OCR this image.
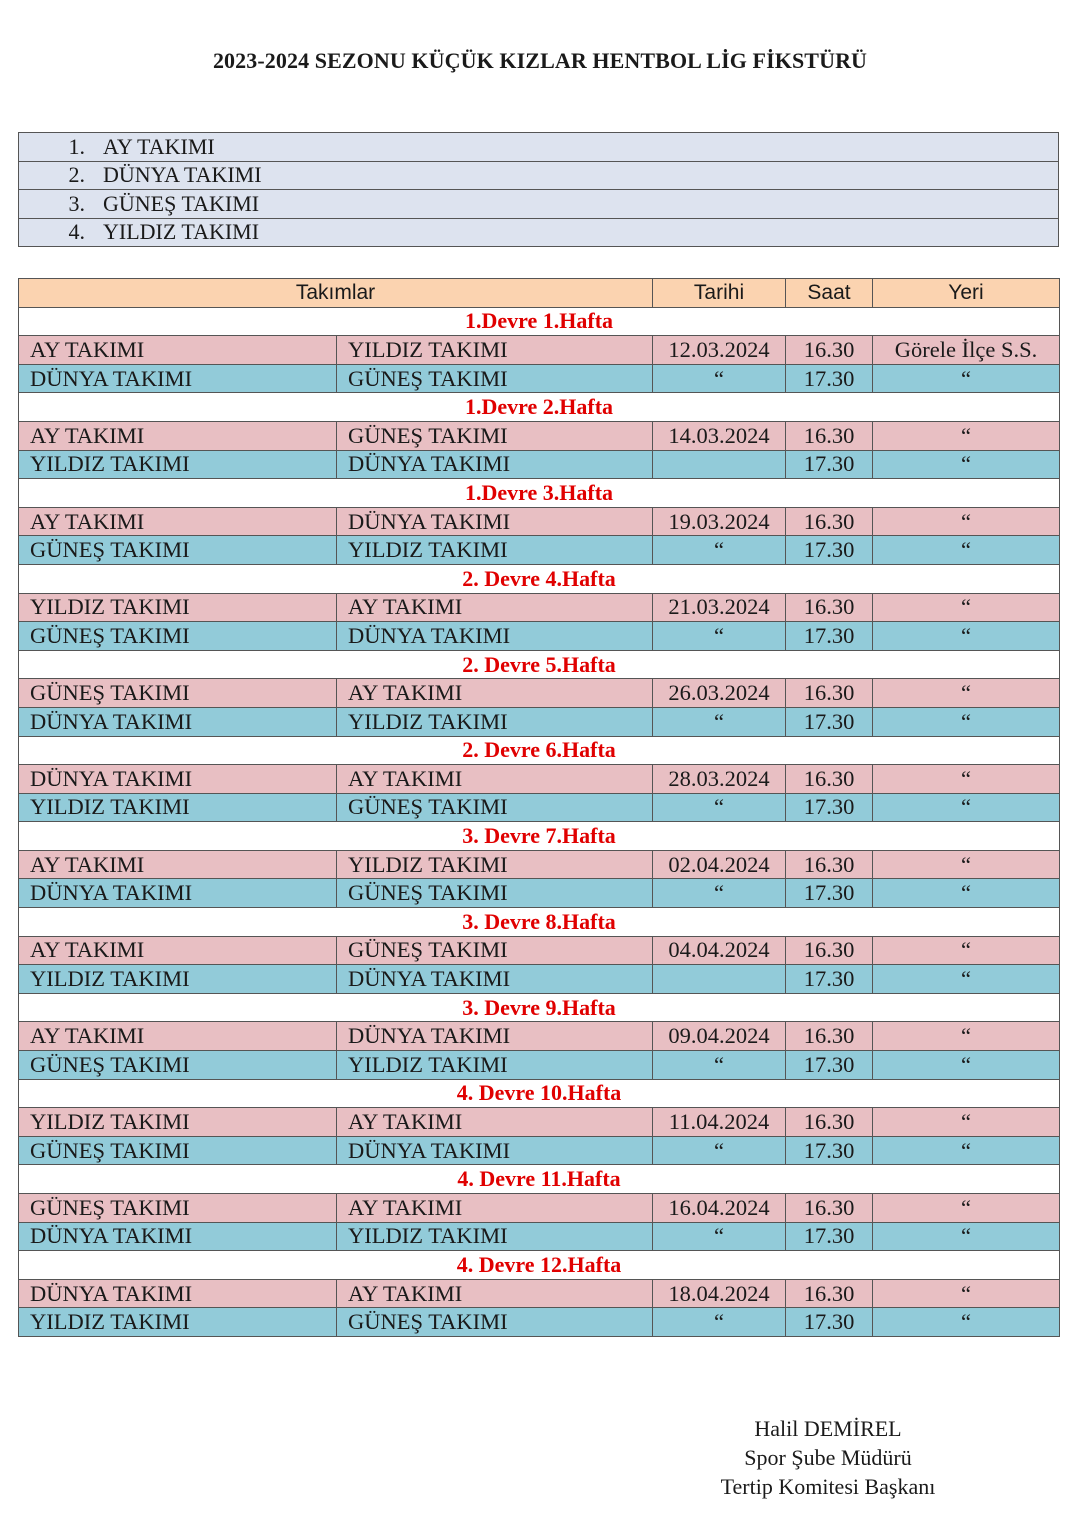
2023-2024 SEZONU KÜÇÜK KIZLAR HENTBOL LİG FİKSTÜRÜ
1. AY TAKIMI
2. DÜNYA TAKIMI
3. GÜNEŞ TAKIMI
4. YILDIZ TAKIMI
Takımlar		Tarihi	Saat	Yeri
1.Devre 1.Hafta				
AY TAKIMI	YILDIZ TAKIMI	12.03.2024	16.30	Görele İlçe S.S.
DÜNYA TAKIMI	GÜNEŞ TAKIMI	“	17.30	“
1.Devre 2.Hafta				
AY TAKIMI	GÜNEŞ TAKIMI	14.03.2024	16.30	“
YILDIZ TAKIMI	DÜNYA TAKIMI		17.30	“
1.Devre 3.Hafta				
AY TAKIMI	DÜNYA TAKIMI	19.03.2024	16.30	“
GÜNEŞ TAKIMI	YILDIZ TAKIMI	“	17.30	“
2. Devre 4.Hafta				
YILDIZ TAKIMI	AY TAKIMI	21.03.2024	16.30	“
GÜNEŞ TAKIMI	DÜNYA TAKIMI	“	17.30	“
2. Devre 5.Hafta				
GÜNEŞ TAKIMI	AY TAKIMI	26.03.2024	16.30	“
DÜNYA TAKIMI	YILDIZ TAKIMI	“	17.30	“
2. Devre 6.Hafta				
DÜNYA TAKIMI	AY TAKIMI	28.03.2024	16.30	“
YILDIZ TAKIMI	GÜNEŞ TAKIMI	“	17.30	“
3. Devre 7.Hafta				
AY TAKIMI	YILDIZ TAKIMI	02.04.2024	16.30	“
DÜNYA TAKIMI	GÜNEŞ TAKIMI	“	17.30	“
3. Devre 8.Hafta				
AY TAKIMI	GÜNEŞ TAKIMI	04.04.2024	16.30	“
YILDIZ TAKIMI	DÜNYA TAKIMI		17.30	“
3. Devre 9.Hafta				
AY TAKIMI	DÜNYA TAKIMI	09.04.2024	16.30	“
GÜNEŞ TAKIMI	YILDIZ TAKIMI	“	17.30	“
4. Devre 10.Hafta				
YILDIZ TAKIMI	AY TAKIMI	11.04.2024	16.30	“
GÜNEŞ TAKIMI	DÜNYA TAKIMI	“	17.30	“
4. Devre 11.Hafta				
GÜNEŞ TAKIMI	AY TAKIMI	16.04.2024	16.30	“
DÜNYA TAKIMI	YILDIZ TAKIMI	“	17.30	“
4. Devre 12.Hafta				
DÜNYA TAKIMI	AY TAKIMI	18.04.2024	16.30	“
YILDIZ TAKIMI	GÜNEŞ TAKIMI	“	17.30	“
Halil DEMİREL
Spor Şube Müdürü
Tertip Komitesi Başkanı
